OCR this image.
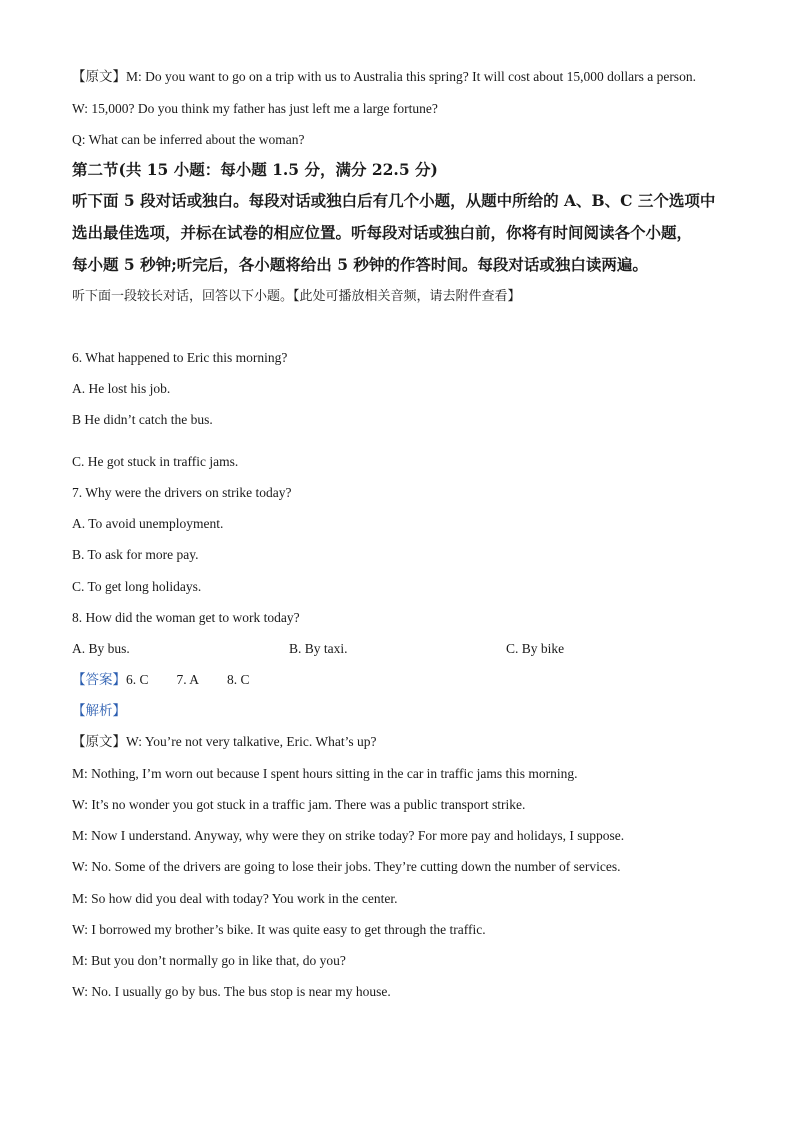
【原文】M: Do you want to go on a trip with us to Australia this spring? It will cost about 15,000 dollars a person.
W: 15,000? Do you think my father has just left me a large fortune?
Q: What can be inferred about the woman?
第二节(共 15 小题：每小题 1.5 分，满分 22.5 分)
听下面 5 段对话或独白。每段对话或独白后有几个小题，从题中所给的 A、B、C 三个选项中
选出最佳选项，并标在试卷的相应位置。听每段对话或独白前，你将有时间阅读各个小题，
每小题 5 秒钟;听完后，各小题将给出 5 秒钟的作答时间。每段对话或独白读两遍。
听下面一段较长对话，回答以下小题。【此处可播放相关音频，请去附件查看】
6. What happened to Eric this morning?
A. He lost his job.
B He didn’t catch the bus.
C. He got stuck in traffic jams.
7. Why were the drivers on strike today?
A. To avoid unemployment.
B. To ask for more pay.
C. To get long holidays.
8. How did the woman get to work today?
A. By bus.	B. By taxi.	C. By bike
【答案】6. C 7. A 8. C
【解析】
【原文】W: You’re not very talkative, Eric. What’s up?
M: Nothing, I’m worn out because I spent hours sitting in the car in traffic jams this morning.
W: It’s no wonder you got stuck in a traffic jam. There was a public transport strike.
M: Now I understand. Anyway, why were they on strike today? For more pay and holidays, I suppose.
W: No. Some of the drivers are going to lose their jobs. They’re cutting down the number of services.
M: So how did you deal with today? You work in the center.
W: I borrowed my brother’s bike. It was quite easy to get through the traffic.
M: But you don’t normally go in like that, do you?
W: No. I usually go by bus. The bus stop is near my house.
